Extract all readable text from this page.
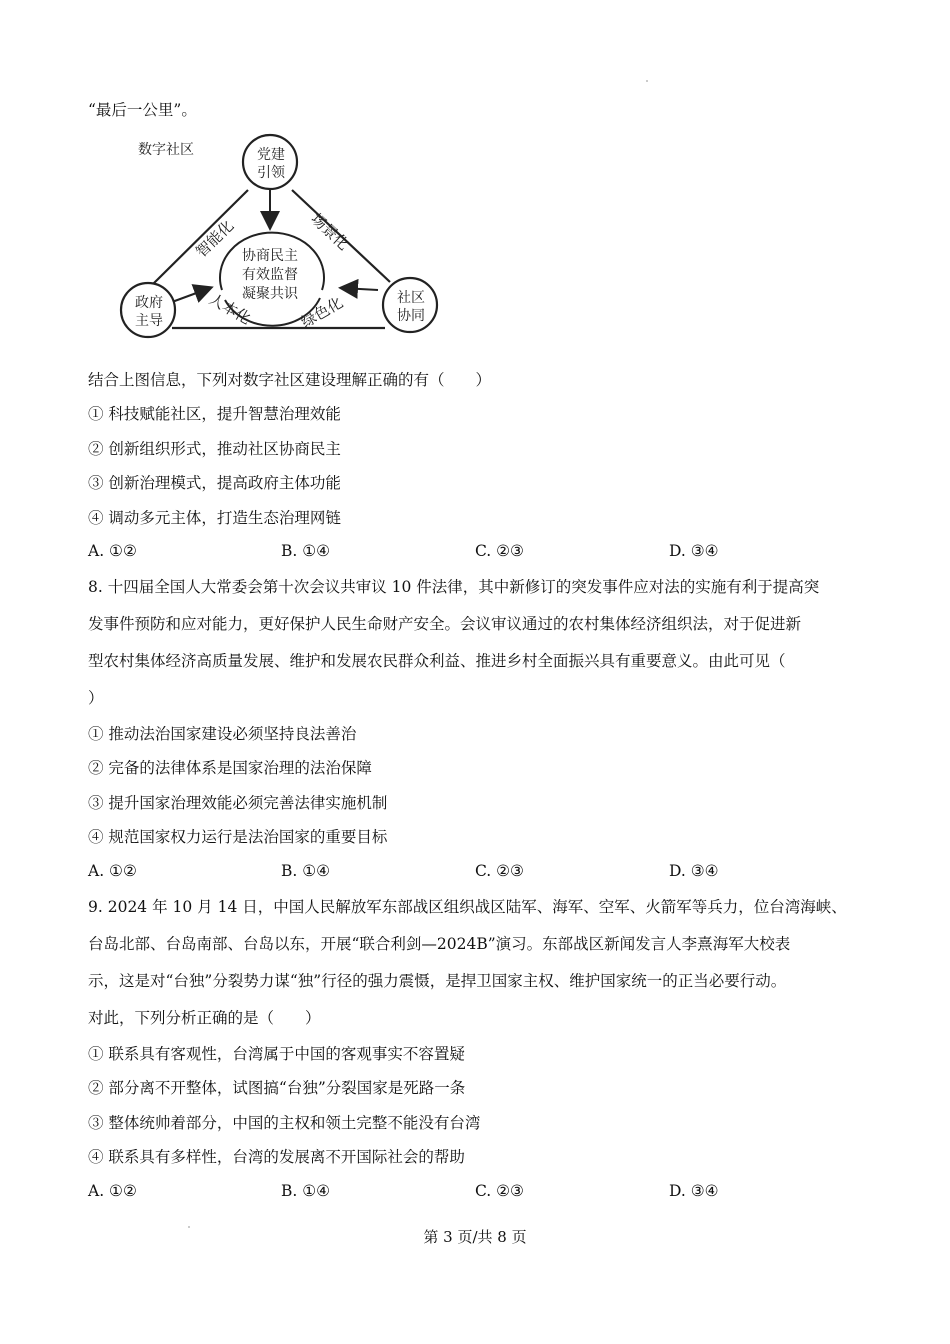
“最后一公里”。
数字社区	党建
引领
政府
主导
社区
协同
协商民主
有效监督
凝聚共识
智能化	场景化
人本化	绿色化
结合上图信息，下列对数字社区建设理解正确的有（　　）
① 科技赋能社区，提升智慧治理效能
② 创新组织形式，推动社区协商民主
③ 创新治理模式，提高政府主体功能
④ 调动多元主体，打造生态治理网链
A. ①②	B. ①④	C. ②③	D. ③④
8. 十四届全国人大常委会第十次会议共审议 10 件法律，其中新修订的突发事件应对法的实施有利于提高突
发事件预防和应对能力，更好保护人民生命财产安全。会议审议通过的农村集体经济组织法，对于促进新
型农村集体经济高质量发展、维护和发展农民群众利益、推进乡村全面振兴具有重要意义。由此可见（
）
① 推动法治国家建设必须坚持良法善治
② 完备的法律体系是国家治理的法治保障
③ 提升国家治理效能必须完善法律实施机制
④ 规范国家权力运行是法治国家的重要目标
A. ①②	B. ①④	C. ②③	D. ③④
9. 2024 年 10 月 14 日，中国人民解放军东部战区组织战区陆军、海军、空军、火箭军等兵力，位台湾海峡、
台岛北部、台岛南部、台岛以东，开展“联合利剑—2024B”演习。东部战区新闻发言人李熹海军大校表
示，这是对“台独”分裂势力谋“独”行径的强力震慑，是捍卫国家主权、维护国家统一的正当必要行动。
对此，下列分析正确的是（　　）
① 联系具有客观性，台湾属于中国的客观事实不容置疑
② 部分离不开整体，试图搞“台独”分裂国家是死路一条
③ 整体统帅着部分，中国的主权和领土完整不能没有台湾
④ 联系具有多样性，台湾的发展离不开国际社会的帮助
A. ①②	B. ①④	C. ②③	D. ③④
第 3 页/共 8 页
